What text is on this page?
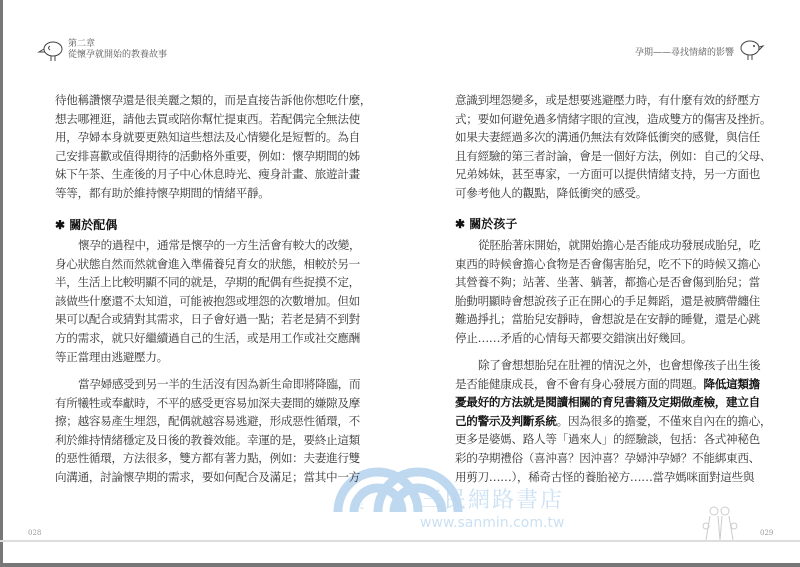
第二章
從懷孕就開始的教養故事	孕期——尋找情緒的影響
三民網路書店
www.sanmin.com.tw
民
待他稱讚懷孕還是很美麗之類的，而是直接告訴他你想吃什麼，
想去哪裡逛，請他去買或陪你幫忙提東西。若配偶完全無法使
用，孕婦本身就要更熟知這些想法及心情變化是短暫的。為自
己安排喜歡或值得期待的活動格外重要，例如：懷孕期間的姊
妹下午茶、生產後的月子中心休息時光、瘦身計畫、旅遊計畫
等等，都有助於維持懷孕期間的情緒平靜。
✱ 關於配偶
懷孕的過程中，通常是懷孕的一方生活會有較大的改變，
身心狀態自然而然就會進入準備養兒育女的狀態，相較於另一
半，生活上比較明顯不同的就是，孕期的配偶有些捉摸不定，
該做些什麼還不太知道，可能被抱怨或埋怨的次數增加。但如
果可以配合或猜對其需求，日子會好過一點；若老是猜不到對
方的需求，就只好繼續過自己的生活，或是用工作或社交應酬
等正當理由逃避壓力。
當孕婦感受到另一半的生活沒有因為新生命即將降臨，而
有所犧牲或奉獻時，不平的感受更容易加深夫妻間的嫌隙及摩
擦；越容易產生埋怨，配偶就越容易逃避，形成惡性循環，不
利於維持情緒穩定及日後的教養效能。幸運的是，要終止這類
的惡性循環，方法很多，雙方都有著力點，例如：夫妻進行雙
向溝通，討論懷孕期的需求，要如何配合及滿足；當其中一方
意識到埋怨變多，或是想要逃避壓力時，有什麼有效的紓壓方
式；要如何避免過多情緒字眼的宣洩，造成雙方的傷害及挫折。
如果夫妻經過多次的溝通仍無法有效降低衝突的感覺，與信任
且有經驗的第三者討論，會是一個好方法，例如：自己的父母、
兄弟姊妹，甚至專家，一方面可以提供情緒支持，另一方面也
可參考他人的觀點，降低衝突的感受。
✱ 關於孩子
從胚胎著床開始，就開始擔心是否能成功發展成胎兒，吃
東西的時候會擔心食物是否會傷害胎兒，吃不下的時候又擔心
其營養不夠；站著、坐著、躺著，都擔心是否會傷到胎兒；當
胎動明顯時會想說孩子正在開心的手足舞蹈，還是被臍帶纏住
難過掙扎；當胎兒安靜時，會想說是在安靜的睡覺，還是心跳
停止……矛盾的心情每天都要交錯演出好幾回。
除了會想想胎兒在肚裡的情況之外，也會想像孩子出生後
是否能健康成長，會不會有身心發展方面的問題。降低這類擔
憂最好的方法就是閱讀相關的育兒書籍及定期做產檢，建立自
己的警示及判斷系統。因為很多的擔憂，不僅來自內在的擔心，
更多是婆媽、路人等「過來人」的經驗談，包括：各式神秘色
彩的孕期禮俗（喜沖喜？因沖喜？孕婦沖孕婦？不能綁東西、
用剪刀……），稀奇古怪的養胎祕方……當孕媽咪面對這些與
028	029
